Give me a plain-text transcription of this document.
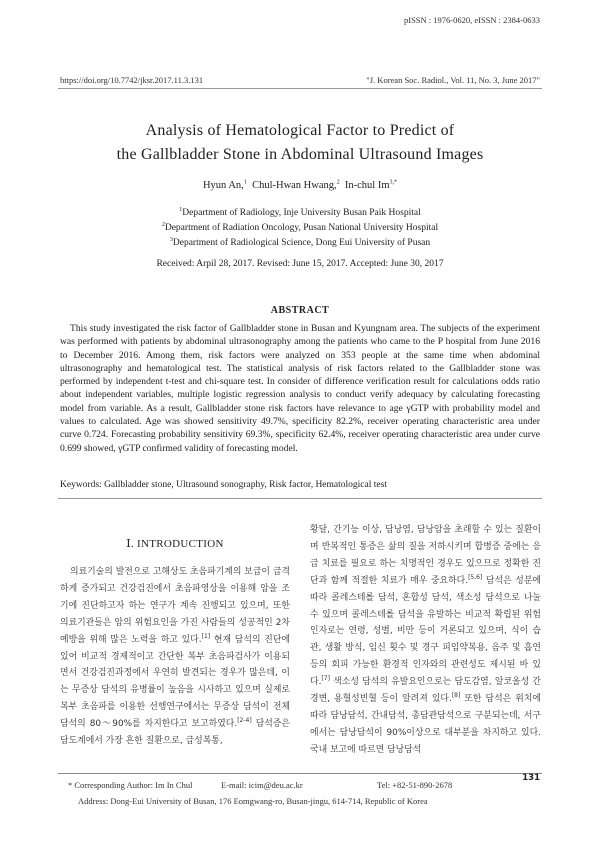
pISSN : 1976-0620, eISSN : 2384-0633
https://doi.org/10.7742/jksr.2017.11.3.131	"J. Korean Soc. Radiol., Vol. 11, No. 3, June 2017"
Analysis of Hematological Factor to Predict of
the Gallbladder Stone in Abdominal Ultrasound Images
Hyun An,$^1$ Chul-Hwan Hwang,$^2$ In-chul $Im^{3,*}$
$^1$Department of Radiology, Inje University Busan Paik Hospital
$^2$Department of Radiation Oncology, Pusan National University Hospital
$^3$Department of Radiological Science, Dong Eui University of Pusan
Received: Arpil 28, 2017. Revised: June 15, 2017. Accepted: June 30, 2017
ABSTRACT
This study investigated the risk factor of Gallbladder stone in Busan and Kyungnam area. The subjects of the experiment was performed with patients by abdominal ultrasonography among the patients who came to the P hospital from June 2016 to December 2016. Among them, risk factors were analyzed on 353 people at the same time when abdominal ultrasonography and hematological test. The statistical analysis of risk factors related to the Gallbladder stone was performed by independent t-test and chi-square test. In consider of difference verification result for calculations odds ratio about independent variables, multiple logistic regression analysis to conduct verify adequacy by calculating forecasting model from variable. As a result, Gallbladder stone risk factors have relevance to age γGTP with probability model and values to calculated. Age was showed sensitivity 49.7%, specificity 82.2%, receiver operating characteristic area under curve 0.724. Forecasting probability sensitivity 69.3%, specificity 62.4%, receiver operating characteristic area under curve 0.699 showed, γGTP confirmed validity of forecasting model.
Keywords: Gallbladder stone, Ultrasound sonography, Risk factor, Hematological test
Ⅰ. INTRODUCTION
의료기술의 발전으로 고해상도 초음파기계의 보급이 급격하게 증가되고 건강검진에서 초음파영상을 이용해 암을 조기에 진단하고자 하는 연구가 계속 진행되고 있으며, 또한 의료기관들은 암의 위험요인을 가진 사람들의 성공적인 2차 예방을 위해 많은 노력을 하고 있다.[1] 현재 담석의 진단에 있어 비교적 경제적이고 간단한 복부 초음파검사가 이용되면서 건강검진과정에서 우연히 발견되는 경우가 많은데, 이는 무증상 담석의 유병률이 높음을 시사하고 있으며 실제로 복부 초음파를 이용한 선행연구에서는 무증상 담석이 전체 담석의 80～90%를 차지한다고 보고하였다.[2-4] 담석증은 담도계에서 가장 흔한 질환으로, 급성복통,
황달, 간기능 이상, 담낭염, 담낭암을 초래할 수 있는 질환이며 반복적인 통증은 삶의 질을 저하시키며 합병증 중에는 응급 치료를 필요로 하는 치명적인 경우도 있으므로 정확한 진단과 함께 적절한 치료가 매우 중요하다.[5,6] 담석은 성분에 따라 콜레스테롤 담석, 혼합성 담석, 색소성 담석으로 나눌 수 있으며 콜레스테롤 담석을 유발하는 비교적 확립된 위험인자로는 연령, 성별, 비만 등이 거론되고 있으며, 식이 습관, 생활 방식, 임신 횟수 및 경구 피임약복용, 음주 및 흡연 등의 회피 가능한 환경적 인자와의 관련성도 제시된 바 있다.[7] 색소성 담석의 유발요인으로는 담도감염, 알코올성 간경변, 용혈성빈혈 등이 알려져 있다.[8] 또한 담석은 위치에 따라 담낭담석, 간내담석, 총담관담석으로 구분되는데, 서구에서는 담낭담석이 90%이상으로 대부분을 차지하고 있다. 국내 보고에 따르면 담낭담석
* Corresponding Author: Im In Chul	E-mail: icim@deu.ac.kr	Tel: +82-51-890-2678
Address: Dong-Eui University of Busan, 176 Eomgwang-ro, Busan-jingu, 614-714, Republic of Korea
131
